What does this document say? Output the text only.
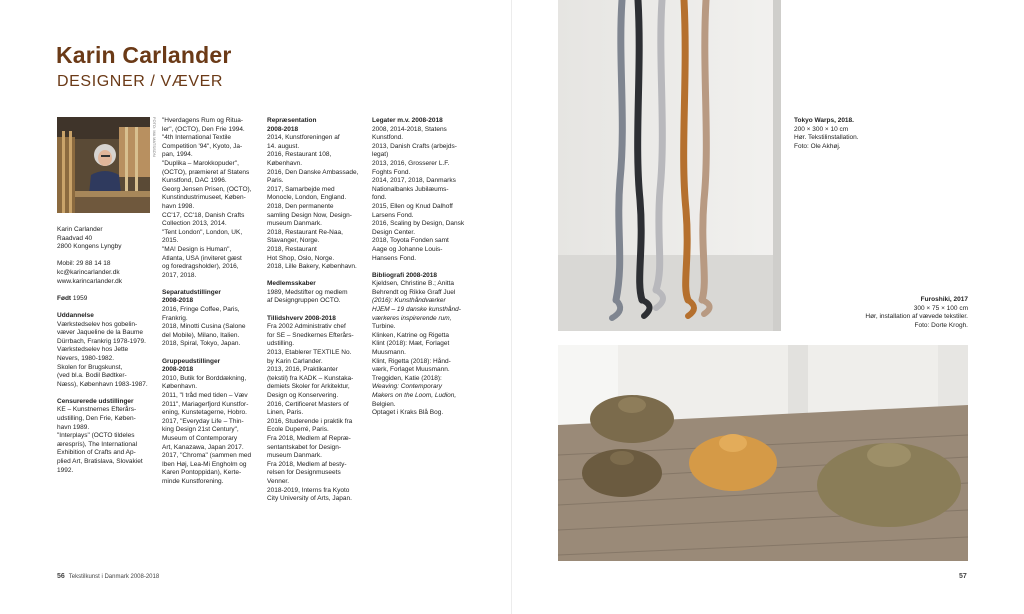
Karin Carlander
DESIGNER / VÆVER
FOTO: MA MATSSON

Karin Carlander

Raadvad 40

2800 Kongens Lyngby

Mobil: 29 88 14 18

kc@karincarlander.dk

www.karincarlander.dk

Født 1959

Uddannelse

Værkstedselev hos gobelin-

væver Jaqueline de la Baume

Dürrbach, Frankrig 1978-1979.

Værkstedselev hos Jette

Nevers, 1980-1982.

Skolen for Brugskunst,

(ved bl.a. Bodil Bødtker-

Næss), København 1983-1987.

Censurerede udstillinger

KE – Kunstnernes Efterårs-

udstilling, Den Frie, Køben-

havn 1989.

"Interplays" (OCTO tildeles

æresprís), The International

Exhibition of Crafts and Ap-

plied Art, Bratislava, Slovakiet

1992.

"Hverdagens Rum og Ritua-

ler", (OCTO), Den Frie 1994.

"4th International Textile

Competition '94", Kyoto, Ja-

pan, 1994.

"Duplika – Marokkopuder",

(OCTO), præmieret af Statens

Kunstfond, DAC 1996.

Georg Jensen Prisen, (OCTO),

Kunstindustrimuseet, Køben-

havn 1998.

CC'17, CC'18, Danish Crafts

Collection 2013, 2014.

"Tent London", London, UK,

2015.

"MA! Design is Human",

Atlanta, USA (inviteret gæst

og foredragsholder), 2016,

2017, 2018.

Separatudstillinger

2008-2018

2016, Fringe Coffee, Paris,

Frankrig.

2018, Minotti Cusina (Salone

del Mobile), Milano, Italien.

2018, Spiral, Tokyo, Japan.

Gruppeudstillinger

2008-2018

2010, Butik for Borddækning,

København.

2011, "I tråd med tiden – Væv

2011", Mariagerfjord Kunstfor-

ening, Kunstetagerne, Hobro.

2017, "Everyday Life – Thin-

king Design 21st Century",

Museum of Contemporary

Art, Kanazawa, Japan 2017.

2017, "Chroma" (sammen med

Iben Høj, Lea-Mi Engholm og

Karen Pontoppidan), Kerte-

minde Kunstforening.

Repræsentation

2008-2018

2014, Kunstforeningen af

14. august.

2016, Restaurant 108,

København.

2016, Den Danske Ambassade,

Paris.

2017, Samarbejde med

Monocle, London, England.

2018, Den permanente

samling Design Now, Design-

museum Danmark.

2018, Restaurant Re-Naa,

Stavanger, Norge.

2018, Restaurant

Hot Shop, Oslo, Norge.

2018, Lille Bakery, København.

Medlemsskaber

1989, Medstifter og medlem

af Designgruppen OCTO.

Tillidshverv 2008-2018

Fra 2002 Administrativ chef

for SE – Snedkernes Efterårs-

udstilling.

2013, Etablerer TEXTILE No.

by Karin Carlander.

2013, 2016, Praktikanter

(tekstil) fra KADK – Kunstaka-

demiets Skoler for Arkitektur,

Design og Konservering.

2016, Certificeret Masters of

Linen, Paris.

2016, Studerende i praktik fra

Ecole Duperré, Paris.

Fra 2018, Medlem af Repræ-

sentantskabet for Design-

museum Danmark.

Fra 2018, Medlem af besty-

relsen for Designmuseets

Venner.

2018-2019, Interns fra Kyoto

City University of Arts, Japan.

Legater m.v. 2008-2018

2008, 2014-2018, Statens

Kunstfond.

2013, Danish Crafts (arbejds-

legat)

2013, 2016, Grosserer L.F.

Foghts Fond.

2014, 2017, 2018, Danmarks

Nationalbanks Jubilæums-

fond.

2015, Ellen og Knud Dalhoff

Larsens Fond.

2016, Scaling by Design, Dansk

Design Center.

2018, Toyota Fonden samt

Aage og Johanne Louis-

Hansens Fond.

Bibliografi 2008-2018

Kjeldsen, Christine B.; Anitta

Behrendt og Rikke Graff Juel

(2016): Kunsthåndværker

HJEM – 19 danske kunsthånd-

værkeres inspirerende rum,

Turbine.

Klinken, Katrine og Rigetta

Klint (2018): Mæt, Forlaget

Muusmann.

Klint, Rigetta (2018): Hånd-

værk, Forlaget Muusmann.

Treggiden, Katie (2018):

Weaving: Contemporary

Makers on the Loom, Ludion,

Belgien.

Optaget i Kraks Blå Bog.

56 Tekstilkunst i Danmark 2008-2018

Tokyo Warps, 2018.

200 × 300 × 10 cm

Hør. Tekstilinstallation.

Foto: Ole Akhøj.

Furoshiki, 2017

300 × 75 × 100 cm

Hør, installation af vævede tekstiler.

Foto: Dorte Krogh.

57
